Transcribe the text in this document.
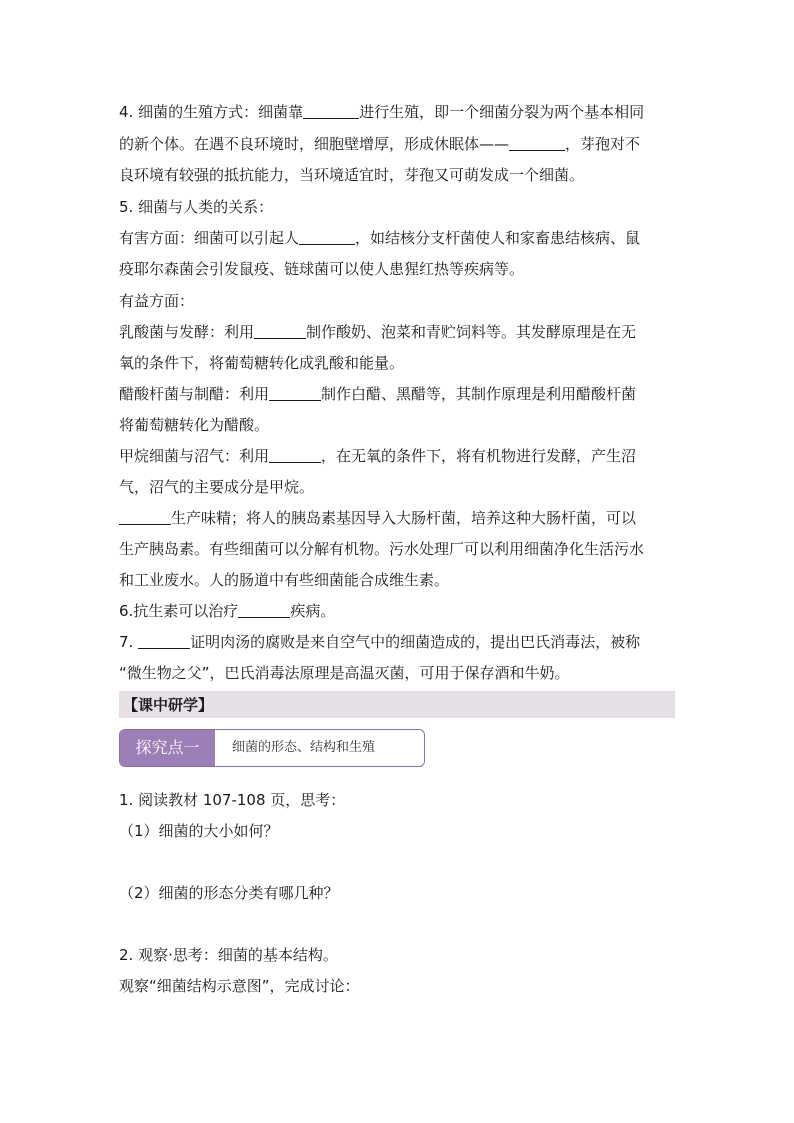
4. 细菌的生殖方式：细菌靠	进行生殖，即一个细菌分裂为两个基本相同
的新个体。在遇不良环境时，细胞壁增厚，形成休眠体——	，芽孢对不
良环境有较强的抵抗能力，当环境适宜时，芽孢又可萌发成一个细菌。
5. 细菌与人类的关系：
有害方面：细菌可以引起人	，如结核分支杆菌使人和家畜患结核病、鼠
疫耶尔森菌会引发鼠疫、链球菌可以使人患猩红热等疾病等。
有益方面：
乳酸菌与发酵：利用	制作酸奶、泡菜和青贮饲料等。其发酵原理是在无
氧的条件下，将葡萄糖转化成乳酸和能量。
醋酸杆菌与制醋：利用	制作白醋、黑醋等，其制作原理是利用醋酸杆菌
将葡萄糖转化为醋酸。
甲烷细菌与沼气：利用	，在无氧的条件下，将有机物进行发酵，产生沼
气，沼气的主要成分是甲烷。
生产味精；将人的胰岛素基因导入大肠杆菌，培养这种大肠杆菌，可以
生产胰岛素。有些细菌可以分解有机物。污水处理厂可以利用细菌净化生活污水
和工业废水。人的肠道中有些细菌能合成维生素。
6.抗生素可以治疗	疾病。
7.	证明肉汤的腐败是来自空气中的细菌造成的，提出巴氏消毒法，被称
“微生物之父”，巴氏消毒法原理是高温灭菌，可用于保存酒和牛奶。
【课中研学】
探究点一	细菌的形态、结构和生殖
1. 阅读教材 107-108 页，思考：
（1）细菌的大小如何？
（2）细菌的形态分类有哪几种？
2. 观察·思考：细菌的基本结构。
观察“细菌结构示意图”，完成讨论：
